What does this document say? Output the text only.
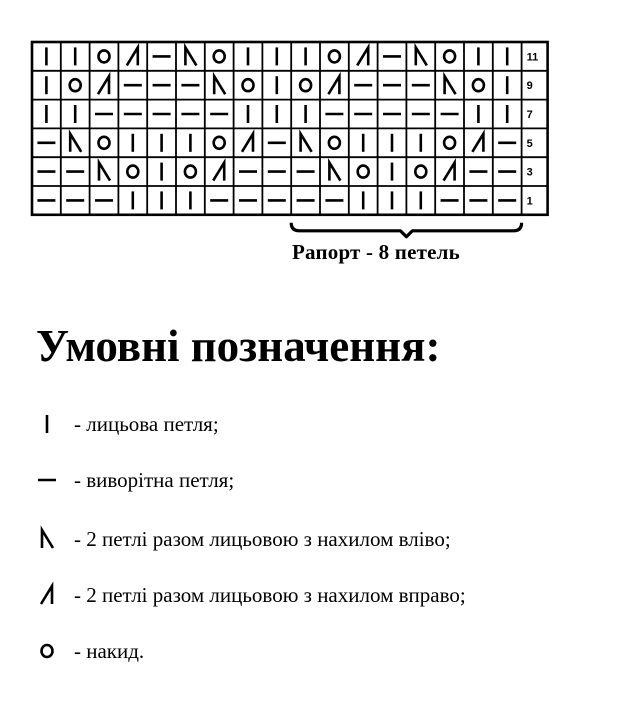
11
9
7
5
3
1
Рапорт - 8 петель
Умовні позначення:
- лицьова петля;
- виворітна петля;
- 2 петлі разом лицьовою з нахилом вліво;
- 2 петлі разом лицьовою з нахилом вправо;
- накид.
